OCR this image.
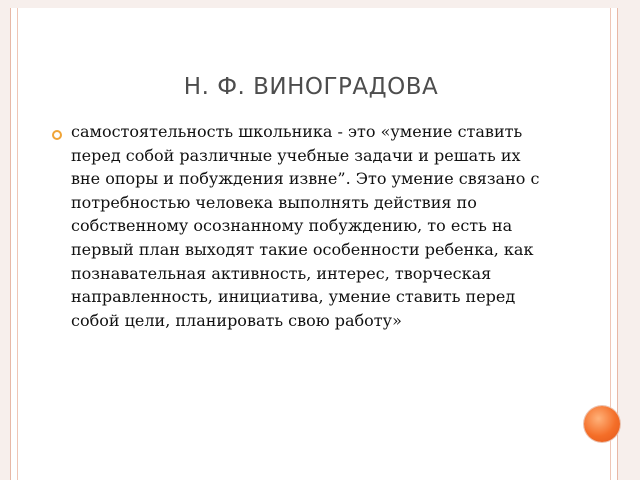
Н. Ф. ВИНОГРАДОВА
самостоятельность школьника - это «умение ставить перед собой различные учебные задачи и решать их вне опоры и побуждения извне”. Это умение связано с потребностью человека выполнять действия по собственному осознанному побуждению, то есть на первый план выходят такие особенности ребенка, как познавательная активность, интерес, творческая направленность, инициатива, умение ставить перед собой цели, планировать свою работу»
